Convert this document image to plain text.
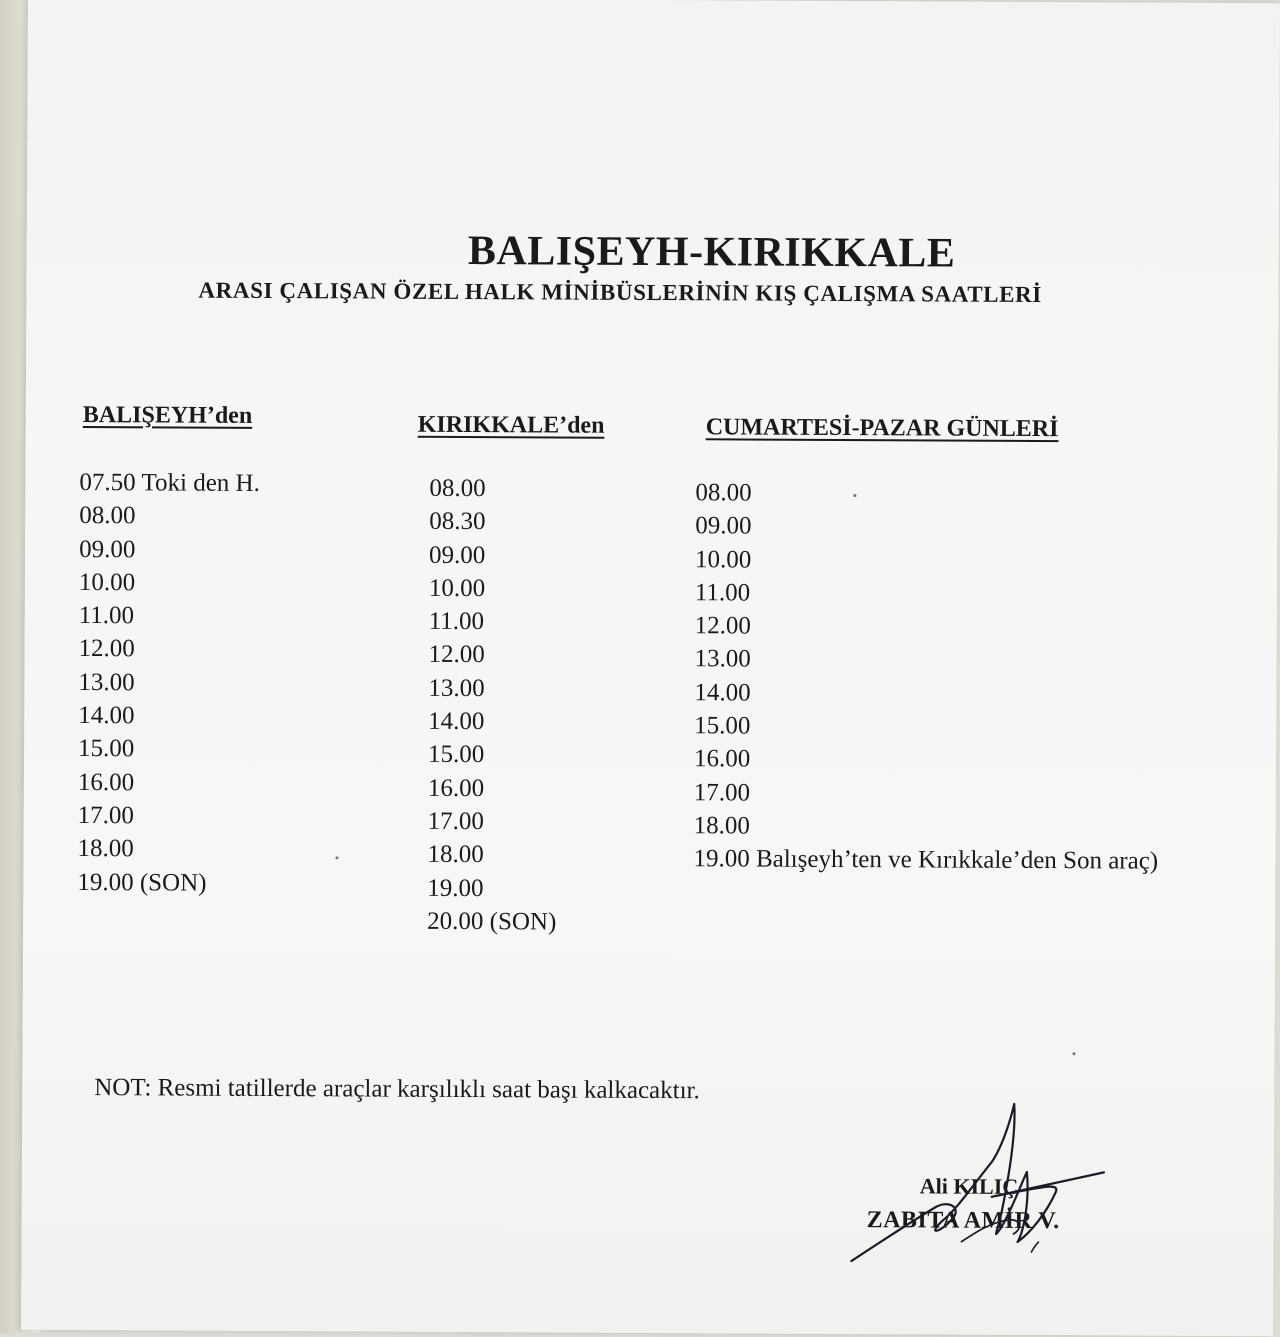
BALIŞEYH-KIRIKKALE
ARASI ÇALIŞAN ÖZEL HALK MİNİBÜSLERİNİN KIŞ ÇALIŞMA SAATLERİ
BALIŞEYH’den	KIRIKKALE’den	CUMARTESİ-PAZAR GÜNLERİ
07.50 Toki den H.
08.00
09.00
10.00
11.00
12.00
13.00
14.00
15.00
16.00
17.00
18.00
19.00 (SON)
08.00
08.30
09.00
10.00
11.00
12.00
13.00
14.00
15.00
16.00
17.00
18.00
19.00
20.00 (SON)
08.00
09.00
10.00
11.00
12.00
13.00
14.00
15.00
16.00
17.00
18.00
19.00 Balışeyh’ten ve Kırıkkale’den Son araç)
NOT: Resmi tatillerde araçlar karşılıklı saat başı kalkacaktır.
Ali KILIÇ
ZABITA AMİR V.
